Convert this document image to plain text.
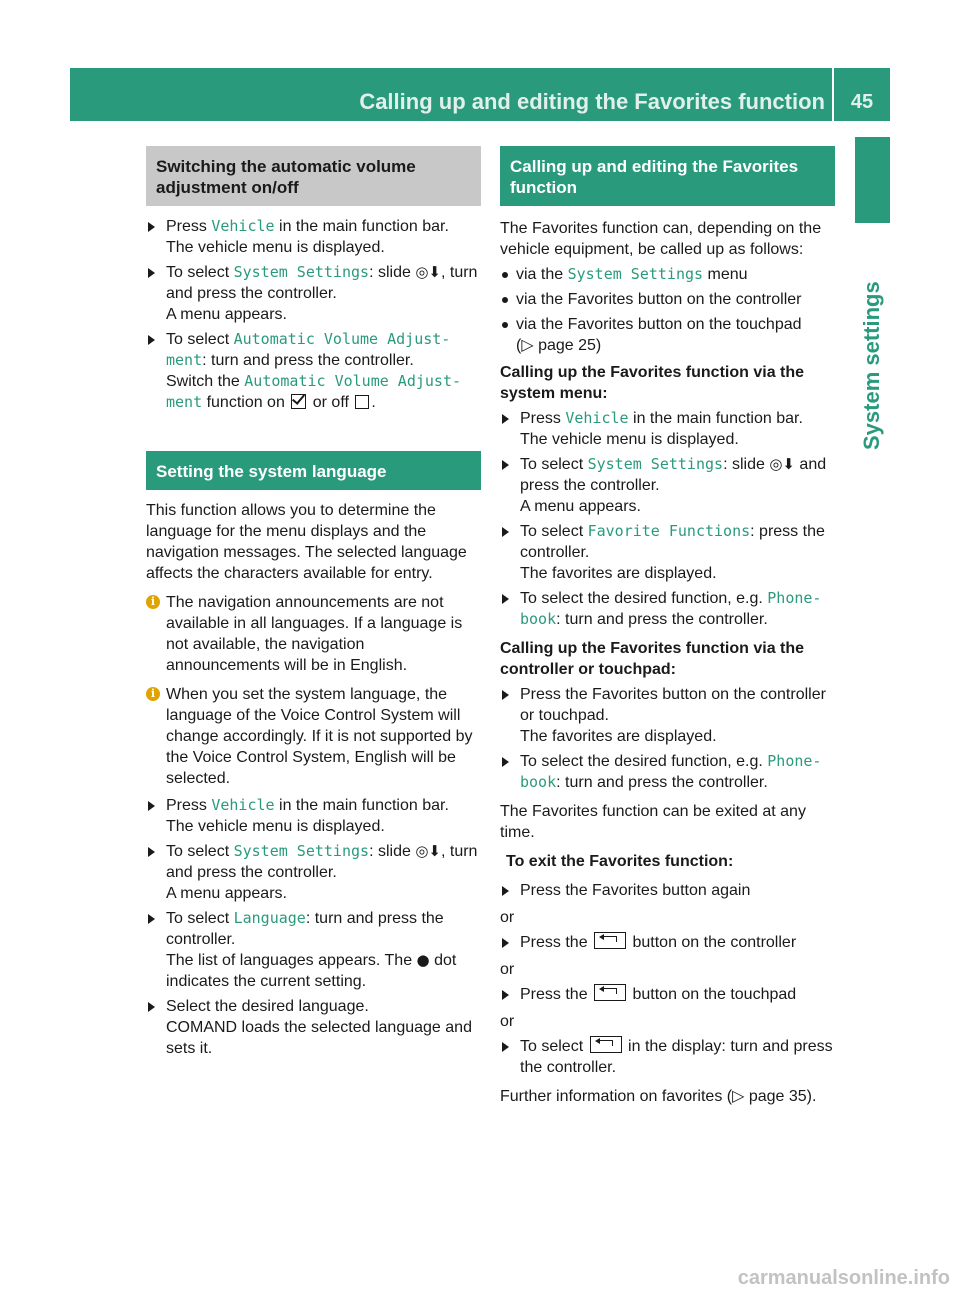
Calling up and editing the Favorites function	45
System settings
Switching the automatic volume adjustment on/off
Press Vehicle in the main function bar.
The vehicle menu is displayed.
To select System Settings: slide ◎⬇, turn and press the controller.
A menu appears.
To select Automatic Volume Adjust‐ment: turn and press the controller.
Switch the Automatic Volume Adjust‐ment function on  or off .
Setting the system language

This function allows you to determine the language for the menu displays and the navigation messages. The selected language affects the characters available for entry.

i The navigation announcements are not available in all languages. If a language is not available, the navigation announcements will be in English.
i When you set the system language, the language of the Voice Control System will change accordingly. If it is not supported by the Voice Control System, English will be selected.
Press Vehicle in the main function bar.
The vehicle menu is displayed.
To select System Settings: slide ◎⬇, turn and press the controller.
A menu appears.
To select Language: turn and press the controller.
The list of languages appears. The ● dot indicates the current setting.
Select the desired language.
COMAND loads the selected language and sets it.
Calling up and editing the Favorites function

The Favorites function can, depending on the vehicle equipment, be called up as follows:

via the System Settings menu
via the Favorites button on the controller
via the Favorites button on the touchpad
(▷ page 25)

Calling up the Favorites function via the system menu:

Press Vehicle in the main function bar.
The vehicle menu is displayed.
To select System Settings: slide ◎⬇ and press the controller.
A menu appears.
To select Favorite Functions: press the controller.
The favorites are displayed.
To select the desired function, e.g. Phone‐book: turn and press the controller.

Calling up the Favorites function via the controller or touchpad:

Press the Favorites button on the controller or touchpad.
The favorites are displayed.
To select the desired function, e.g. Phone‐book: turn and press the controller.

The Favorites function can be exited at any time.

To exit the Favorites function:

Press the Favorites button again

or

Press the  button on the controller

or

Press the  button on the touchpad

or

To select  in the display: turn and press the controller.

Further information on favorites (▷ page 35).

carmanualsonline.info
